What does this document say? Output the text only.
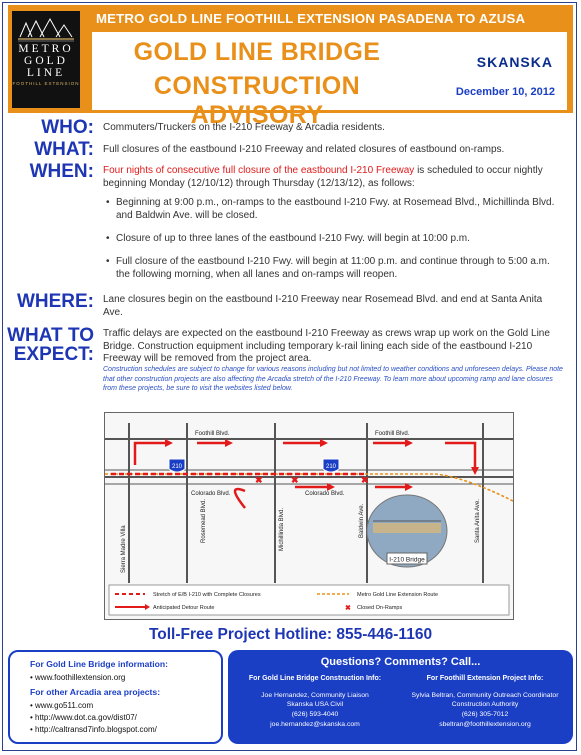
METRO
GOLD
LINE
FOOTHILL EXTENSION
METRO GOLD LINE FOOTHILL EXTENSION PASADENA TO AZUSA
GOLD LINE BRIDGE
CONSTRUCTION ADVISORY
SKANSKA
December 10, 2012
WHO: Commuters/Truckers on the I-210 Freeway & Arcadia residents.
WHAT: Full closures of the eastbound I-210 Freeway and related closures of eastbound on-ramps.
WHEN: Four nights of consecutive full closure of the eastbound I-210 Freeway is scheduled to occur nightly beginning Monday (12/10/12) through Thursday (12/13/12), as follows:
• Beginning at 9:00 p.m., on-ramps to the eastbound I-210 Fwy. at Rosemead Blvd., Michillinda Blvd. and Baldwin Ave. will be closed.
• Closure of up to three lanes of the eastbound I-210 Fwy. will begin at 10:00 p.m.
• Full closure of the eastbound I-210 Fwy. will begin at 11:00 p.m. and continue through to 5:00 a.m. the following morning, when all lanes and on-ramps will reopen.
WHERE: Lane closures begin on the eastbound I-210 Freeway near Rosemead Blvd. and end at Santa Anita Ave.
WHAT TO
EXPECT:
Traffic delays are expected on the eastbound I-210 Freeway as crews wrap up work on the Gold Line Bridge. Construction equipment including temporary k-rail lining each side of the eastbound I-210 Freeway will be removed from the project area.
Construction schedules are subject to change for various reasons including but not limited to weather conditions and unforeseen delays. Please note that other construction projects are also affecting the Arcadia stretch of the I-210 Freeway. To learn more about upcoming ramp and lane closures from these projects, be sure to visit the websites listed below.
✖	✖	✖
210	210
Foothill Blvd.	Foothill Blvd.
Colorado Blvd.	Colorado Blvd.
Sierra Madre Villa
Rosemead Blvd.	Michillinda Blvd.	Baldwin Ave.	Santa Anita Ave.
I-210 Bridge
Stretch of E/B I-210 with Complete Closures
Anticipated Detour Route
Metro Gold Line Extension Route
✖ Closed On-Ramps
Toll-Free Project Hotline: 855-446-1160
For Gold Line Bridge information:
• www.foothillextension.org
For other Arcadia area projects:
• www.go511.com
• http://www.dot.ca.gov/dist07/
• http://caltransd7info.blogspot.com/
Questions? Comments? Call...
For Gold Line Bridge Construction Info:
Joe Hernandez, Community Liaison
Skanska USA Civil
(626) 593-4040
joe.hernandez@skanska.com
For Foothill Extension Project Info:
Sylvia Beltran, Community Outreach Coordinator
Construction Authority
(626) 305-7012
sbeltran@foothillextension.org
